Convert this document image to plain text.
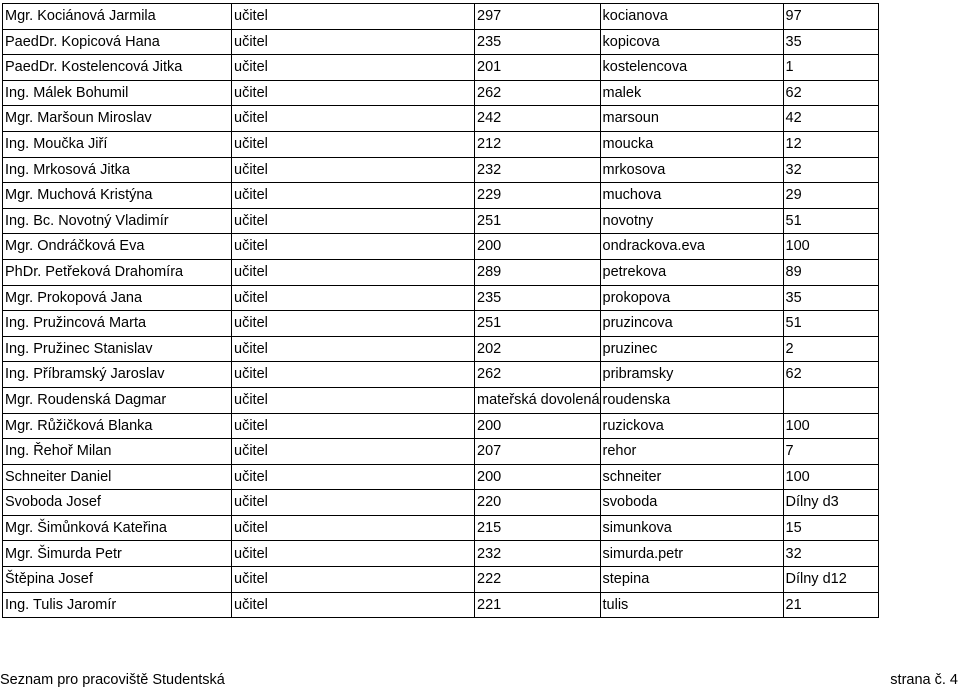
Mgr. Kociánová Jarmila	učitel	297	kocianova	97
PaedDr. Kopicová Hana	učitel	235	kopicova	35
PaedDr. Kostelencová Jitka	učitel	201	kostelencova	1
Ing. Málek Bohumil	učitel	262	malek	62
Mgr. Maršoun Miroslav	učitel	242	marsoun	42
Ing. Moučka Jiří	učitel	212	moucka	12
Ing. Mrkosová Jitka	učitel	232	mrkosova	32
Mgr. Muchová Kristýna	učitel	229	muchova	29
Ing. Bc. Novotný Vladimír	učitel	251	novotny	51
Mgr. Ondráčková Eva	učitel	200	ondrackova.eva	100
PhDr. Petřeková Drahomíra	učitel	289	petrekova	89
Mgr. Prokopová Jana	učitel	235	prokopova	35
Ing. Pružincová Marta	učitel	251	pruzincova	51
Ing. Pružinec Stanislav	učitel	202	pruzinec	2
Ing. Příbramský Jaroslav	učitel	262	pribramsky	62
Mgr. Roudenská Dagmar	učitel	mateřská dovolená	roudenska	
Mgr. Růžičková Blanka	učitel	200	ruzickova	100
Ing. Řehoř Milan	učitel	207	rehor	7
Schneiter Daniel	učitel	200	schneiter	100
Svoboda Josef	učitel	220	svoboda	Dílny d3
Mgr. Šimůnková Kateřina	učitel	215	simunkova	15
Mgr. Šimurda Petr	učitel	232	simurda.petr	32
Štěpina Josef	učitel	222	stepina	Dílny d12
Ing. Tulis Jaromír	učitel	221	tulis	21
Seznam pro pracoviště Studentská	strana č. 4
